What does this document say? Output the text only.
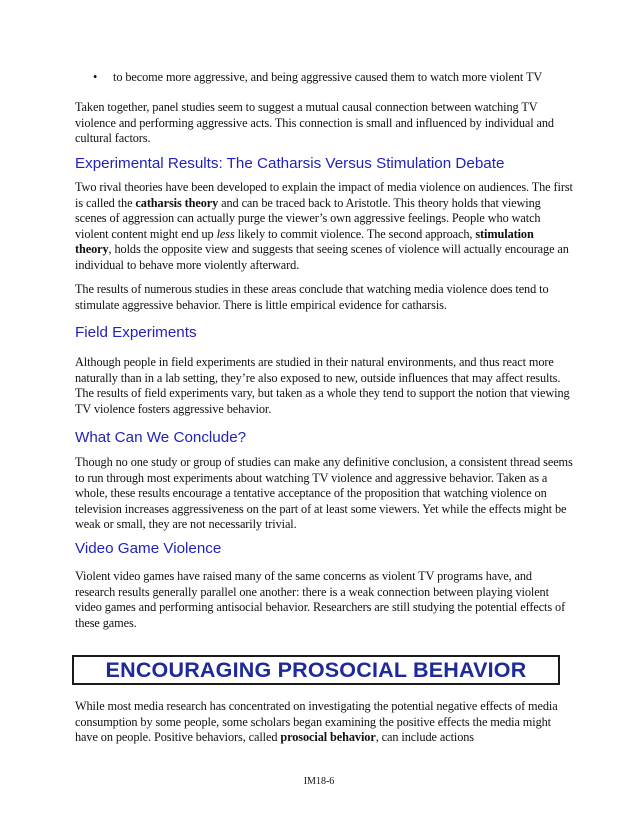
• to become more aggressive, and being aggressive caused them to watch more violent TV

Taken together, panel studies seem to suggest a mutual causal connection between watching TV violence and performing aggressive acts. This connection is small and influenced by individual and cultural factors.

Experimental Results: The Catharsis Versus Stimulation Debate

Two rival theories have been developed to explain the impact of media violence on audiences. The first is called the catharsis theory and can be traced back to Aristotle. This theory holds that viewing scenes of aggression can actually purge the viewer’s own aggressive feelings. People who watch violent content might end up less likely to commit violence. The second approach, stimulation theory, holds the opposite view and suggests that seeing scenes of violence will actually encourage an individual to behave more violently afterward.

The results of numerous studies in these areas conclude that watching media violence does tend to stimulate aggressive behavior. There is little empirical evidence for catharsis.

Field Experiments

Although people in field experiments are studied in their natural environments, and thus react more naturally than in a lab setting, they’re also exposed to new, outside influences that may affect results. The results of field experiments vary, but taken as a whole they tend to support the notion that viewing TV violence fosters aggressive behavior.

What Can We Conclude?

Though no one study or group of studies can make any definitive conclusion, a consistent thread seems to run through most experiments about watching TV violence and aggressive behavior. Taken as a whole, these results encourage a tentative acceptance of the proposition that watching violence on television increases aggressiveness on the part of at least some viewers. Yet while the effects might be weak or small, they are not necessarily trivial.

Video Game Violence

Violent video games have raised many of the same concerns as violent TV programs have, and research results generally parallel one another: there is a weak connection between playing violent video games and performing antisocial behavior. Researchers are still studying the potential effects of these games.

ENCOURAGING PROSOCIAL BEHAVIOR

While most media research has concentrated on investigating the potential negative effects of media consumption by some people, some scholars began examining the positive effects the media might have on people. Positive behaviors, called prosocial behavior, can include actions

IM18-6
